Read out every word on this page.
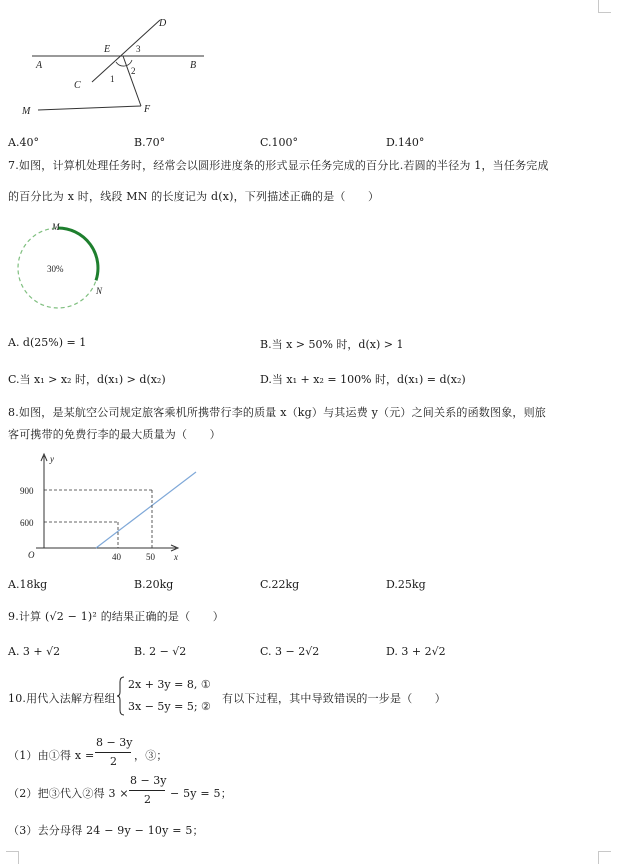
D
E
A	B
C
M	F
3
2
1
A.40°	B.70°	C.100°	D.140°
7.如图，计算机处理任务时，经常会以圆形进度条的形式显示任务完成的百分比.若圆的半径为 1，当任务完成
的百分比为 x 时，线段 MN 的长度记为 d(x)，下列描述正确的是（　　）
M
N
30%
A. d(25%) = 1	B.当 x > 50% 时，d(x) > 1
C.当 x₁ > x₂ 时，d(x₁) > d(x₂)	D.当 x₁ + x₂ = 100% 时，d(x₁) = d(x₂)
8.如图，是某航空公司规定旅客乘机所携带行李的质量 x（kg）与其运费 y（元）之间关系的函数图象，则旅
客可携带的免费行李的最大质量为（　　）
y
x
O
900
600
40	50
A.18kg	B.20kg	C.22kg	D.25kg
9.计算 (√2 − 1)² 的结果正确的是（　　）
A. 3 + √2	B. 2 − √2	C. 3 − 2√2	D. 3 + 2√2
10.用代入法解方程组
2x + 3y = 8, ①
3x − 5y = 5; ②
有以下过程，其中导致错误的一步是（　　）
（1）由①得 x =
8 − 3y
2 ，③；
（2）把③代入②得 3 ×
8 − 3y
2 − 5y = 5；
（3）去分母得 24 − 9y − 10y = 5；
